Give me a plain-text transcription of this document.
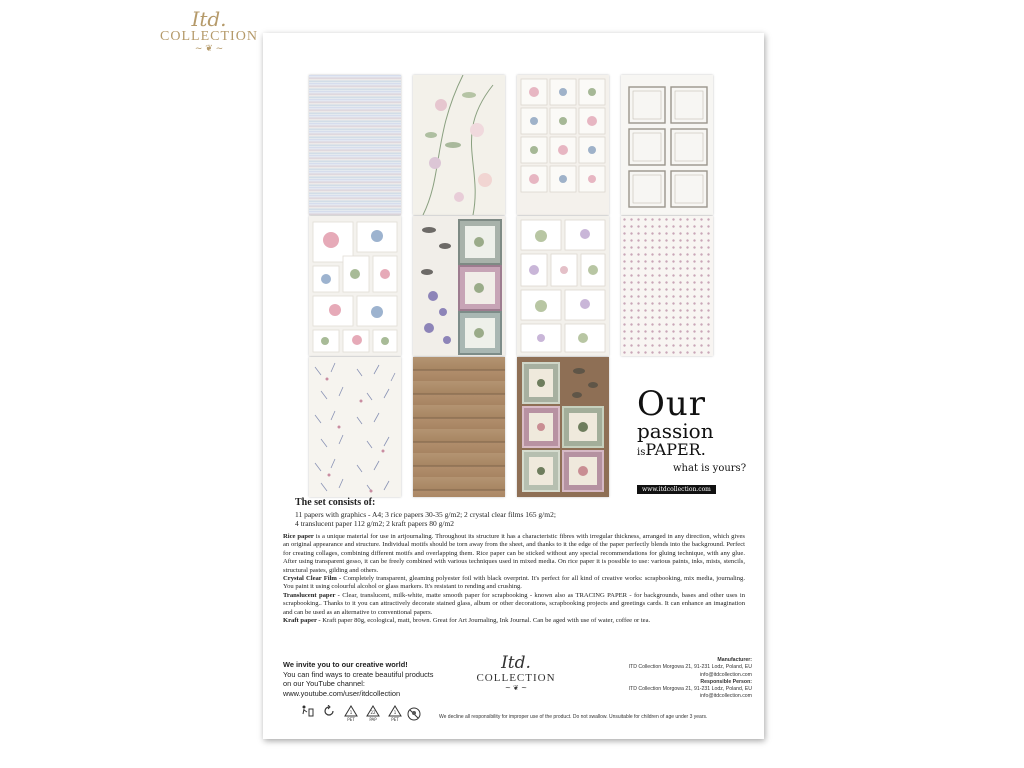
Itd.
COLLECTION
~ ❦ ~
Our
passion
isPAPER.
what is yours?
www.itdcollection.com
The set consists of:
11 papers with graphics - A4; 3 rice papers 30-35 g/m2; 2 crystal clear films 165 g/m2;
4 translucent paper 112 g/m2; 2 kraft papers 80 g/m2

Rice paper is a unique material for use in artjournaling. Throughout its structure it has a characteristic fibres with irregular thickness, arranged in any direction, which gives an original appearance and structure. Individual motifs should be torn away from the sheet, and thanks to it the edge of the paper perfectly blends into the background. Perfect for creating collages, combining different motifs and overlapping them. Rice paper can be sticked without any special recommendations for gluing technique, with any glue. After using transparent gesso, it can be freely combined with various techniques used in mixed media. On rice paper it is possible to use: various paints, inks, mists, stencils, structural pastes, gilding and others.

Crystal Clear Film - Completely transparent, gleaming polyester foil with black overprint. It's perfect for all kind of creative works: scrapbooking, mix media, journaling. You paint it using colourful alcohol or glass markers. It's resistant to rending and crushing.

Translucent paper - Clear, translucent, milk-white, matte smooth paper for scrapbooking - known also as TRACING PAPER - for backgrounds, bases and other uses in scrapbooking.. Thanks to it you can attractively decorate stained glass, album or other decorations, scrapbooking projects and greetings cards. It can enhance an imagination and can be used as an alternative to conventional papers.

Kraft paper - Kraft paper 80g, ecological, matt, brown. Great for Art Journaling, Ink Journal. Can be aged with use of water, coffee or tea.

We invite you to our creative world!
You can find ways to create beautiful products
on our YouTube channel:
www.youtube.com/user/itdcollection
Itd.
COLLECTION
~ ❦ ~
Manufacturer:
ITD Collection Morgowa 21, 91-231 Lodz, Poland, EU
info@itdcollection.com
Responsible Person:
ITD Collection Morgowa 21, 91-231 Lodz, Poland, EU
info@itdcollection.com
1
PET
22
PAP
1
PET	We decline all responsibility for improper use of the product. Do not swallow. Unsuitable for children of age under 3 years.
